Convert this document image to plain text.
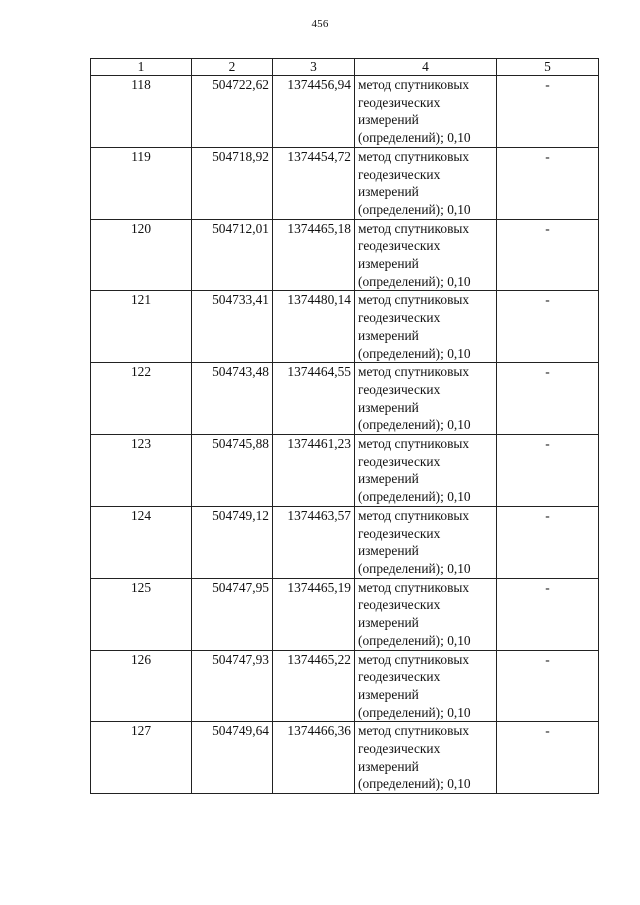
456
1	2	3	4	5
118	504722,62	1374456,94	метод спутниковых
геодезических
измерений
(определений); 0,10	-
119	504718,92	1374454,72	метод спутниковых
геодезических
измерений
(определений); 0,10	-
120	504712,01	1374465,18	метод спутниковых
геодезических
измерений
(определений); 0,10	-
121	504733,41	1374480,14	метод спутниковых
геодезических
измерений
(определений); 0,10	-
122	504743,48	1374464,55	метод спутниковых
геодезических
измерений
(определений); 0,10	-
123	504745,88	1374461,23	метод спутниковых
геодезических
измерений
(определений); 0,10	-
124	504749,12	1374463,57	метод спутниковых
геодезических
измерений
(определений); 0,10	-
125	504747,95	1374465,19	метод спутниковых
геодезических
измерений
(определений); 0,10	-
126	504747,93	1374465,22	метод спутниковых
геодезических
измерений
(определений); 0,10	-
127	504749,64	1374466,36	метод спутниковых
геодезических
измерений
(определений); 0,10	-
